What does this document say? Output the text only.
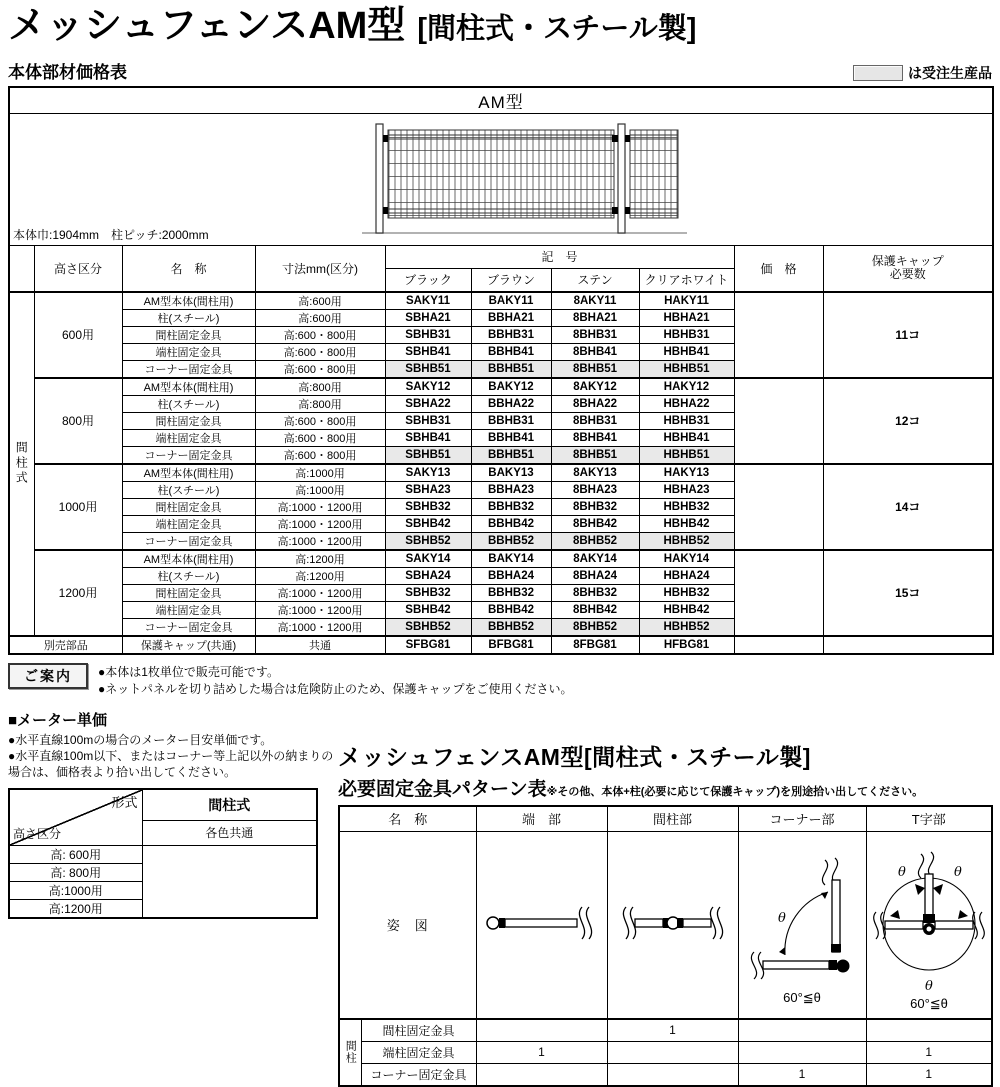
メッシュフェンスAM型 [間柱式・スチール製]
本体部材価格表	は受注生産品
AM型									

本体巾:1904mm　柱ピッチ:2000mm									

	高さ区分	名　称	寸法mm(区分)	記　号				価　格	保護キャップ
必要数

				ブラック	ブラウン	ステン	クリアホワイト		
間柱式	600用	AM型本体(間柱用)	高:600用	SAKY11	BAKY11	8AKY11	HAKY11		11コ
		柱(スチール)	高:600用	SBHA21	BBHA21	8BHA21	HBHA21		
		間柱固定金具	高:600・800用	SBHB31	BBHB31	8BHB31	HBHB31		
		端柱固定金具	高:600・800用	SBHB41	BBHB41	8BHB41	HBHB41		
		コーナー固定金具	高:600・800用	SBHB51	BBHB51	8BHB51	HBHB51		
	800用	AM型本体(間柱用)	高:800用	SAKY12	BAKY12	8AKY12	HAKY12		12コ
		柱(スチール)	高:800用	SBHA22	BBHA22	8BHA22	HBHA22		
		間柱固定金具	高:600・800用	SBHB31	BBHB31	8BHB31	HBHB31		
		端柱固定金具	高:600・800用	SBHB41	BBHB41	8BHB41	HBHB41		
		コーナー固定金具	高:600・800用	SBHB51	BBHB51	8BHB51	HBHB51		
	1000用	AM型本体(間柱用)	高:1000用	SAKY13	BAKY13	8AKY13	HAKY13		14コ
		柱(スチール)	高:1000用	SBHA23	BBHA23	8BHA23	HBHA23		
		間柱固定金具	高:1000・1200用	SBHB32	BBHB32	8BHB32	HBHB32		
		端柱固定金具	高:1000・1200用	SBHB42	BBHB42	8BHB42	HBHB42		
		コーナー固定金具	高:1000・1200用	SBHB52	BBHB52	8BHB52	HBHB52		
	1200用	AM型本体(間柱用)	高:1200用	SAKY14	BAKY14	8AKY14	HAKY14		15コ
		柱(スチール)	高:1200用	SBHA24	BBHA24	8BHA24	HBHA24		
		間柱固定金具	高:1000・1200用	SBHB32	BBHB32	8BHB32	HBHB32		
		端柱固定金具	高:1000・1200用	SBHB42	BBHB42	8BHB42	HBHB42		
		コーナー固定金具	高:1000・1200用	SBHB52	BBHB52	8BHB52	HBHB52		
別売部品		保護キャップ(共通)	共通	SFBG81	BFBG81	8FBG81	HFBG81		
ご案内	●本体は1枚単位で販売可能です。
●ネットパネルを切り詰めした場合は危険防止のため、保護キャップをご使用ください。
■メーター単価
●水平直線100mの場合のメーター目安単価です。
●水平直線100m以下、またはコーナー等上記以外の納まりの場合は、価格表より拾い出してください。
形式
高さ区分	間柱式
	各色共通
高: 600用	
高: 800用	
高:1000用	
高:1200用	
メッシュフェンスAM型[間柱式・スチール製]
必要固定金具パターン表 ※その他、本体+柱(必要に応じて保護キャップ)を別途拾い出してください。
名　称		端　部	間柱部	コーナー部	T字部
姿　図				θ
60°≦θ	θ θ
θ
60°≦θ

間柱	間柱固定金具		1		
	端柱固定金具	1			1
	コーナー固定金具			1	1
